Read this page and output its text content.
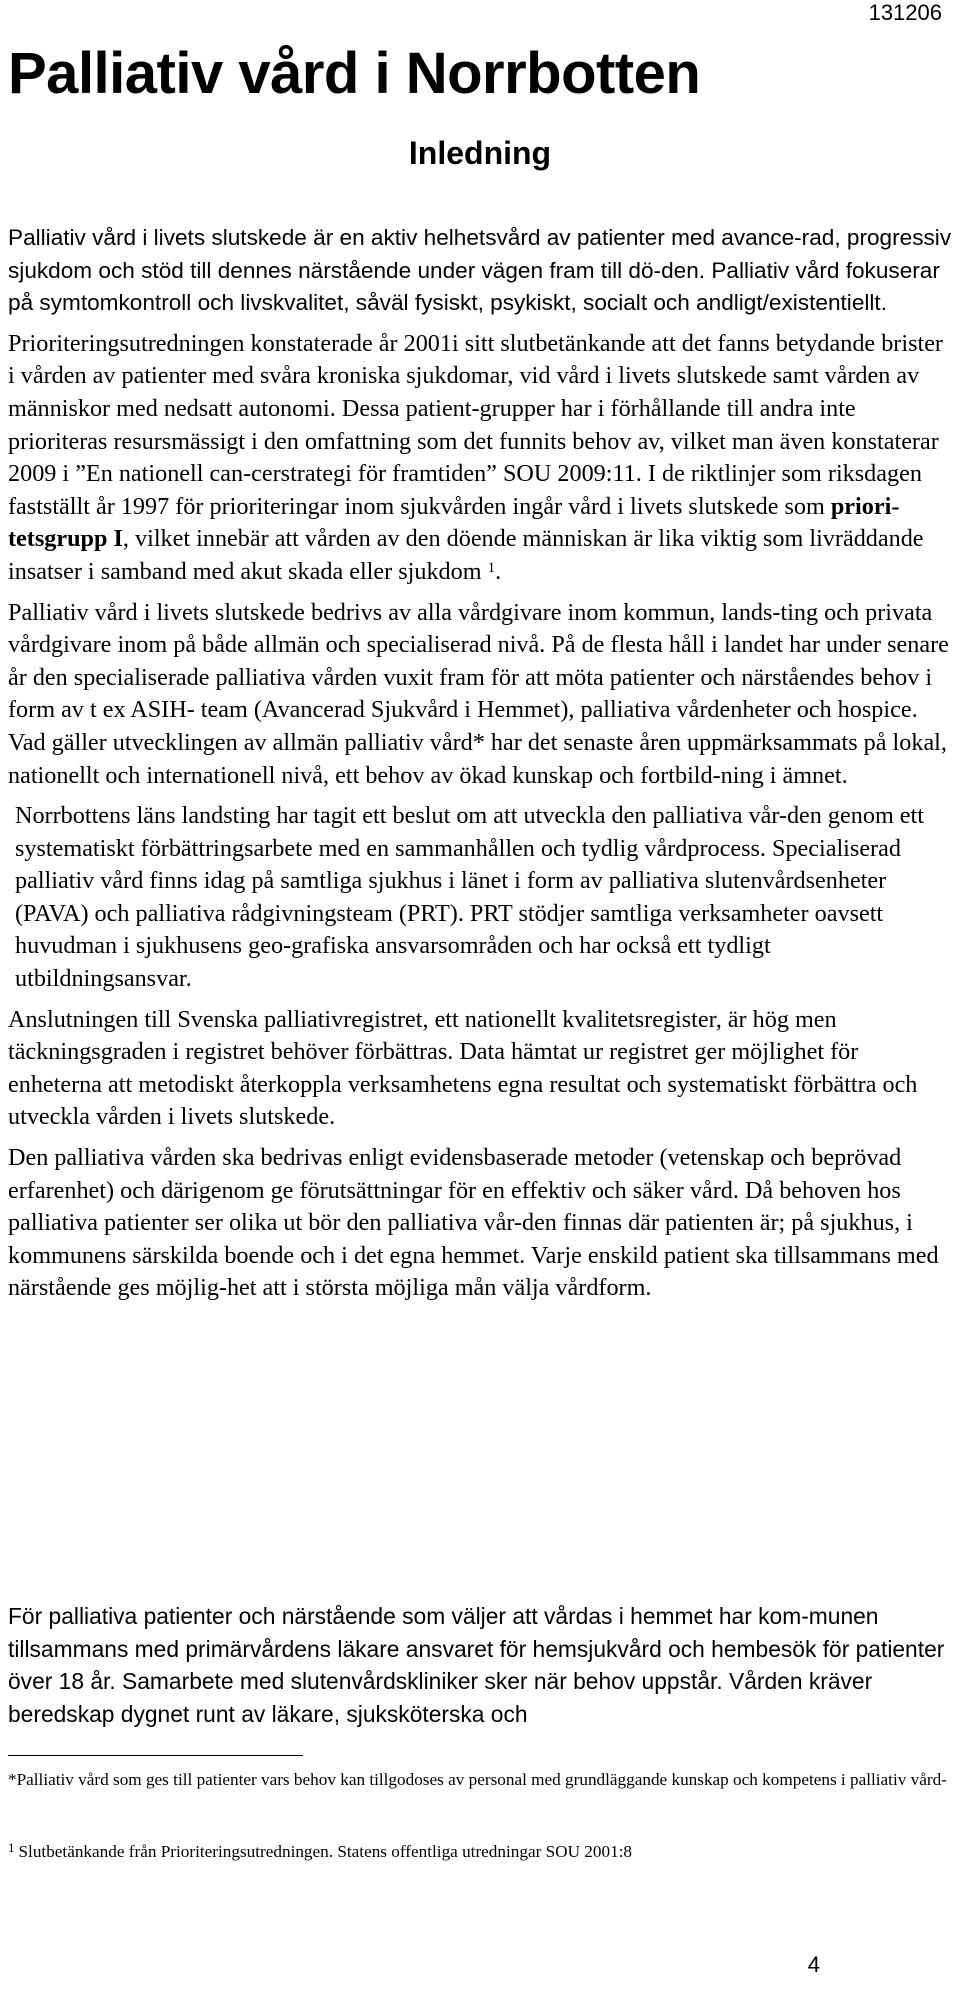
131206
Palliativ vård i Norrbotten
Inledning

Palliativ vård i livets slutskede är en aktiv helhetsvård av patienter med avance-rad, progressiv sjukdom och stöd till dennes närstående under vägen fram till dö-den. Palliativ vård fokuserar på symtomkontroll och livskvalitet, såväl fysiskt, psykiskt, socialt och andligt/existentiellt.

Prioriteringsutredningen konstaterade år 2001i sitt slutbetänkande att det fanns betydande brister i vården av patienter med svåra kroniska sjukdomar, vid vård i livets slutskede samt vården av människor med nedsatt autonomi. Dessa patient-grupper har i förhållande till andra inte prioriteras resursmässigt i den omfattning som det funnits behov av, vilket man även konstaterar 2009 i ”En nationell can-cerstrategi för framtiden” SOU 2009:11. I de riktlinjer som riksdagen fastställt år 1997 för prioriteringar inom sjukvården ingår vård i livets slutskede som priori-tetsgrupp I, vilket innebär att vården av den döende människan är lika viktig som livräddande insatser i samband med akut skada eller sjukdom $^1$.

Palliativ vård i livets slutskede bedrivs av alla vårdgivare inom kommun, lands-ting och privata vårdgivare inom på både allmän och specialiserad nivå. På de flesta håll i landet har under senare år den specialiserade palliativa vården vuxit fram för att möta patienter och närståendes behov i form av t ex ASIH- team (Avancerad Sjukvård i Hemmet), palliativa vårdenheter och hospice. Vad gäller utvecklingen av allmän palliativ vård* har det senaste åren uppmärksammats på lokal, nationellt och internationell nivå, ett behov av ökad kunskap och fortbild-ning i ämnet.

Norrbottens läns landsting har tagit ett beslut om att utveckla den palliativa vår-den genom ett systematiskt förbättringsarbete med en sammanhållen och tydlig vårdprocess. Specialiserad palliativ vård finns idag på samtliga sjukhus i länet i form av palliativa slutenvårdsenheter (PAVA) och palliativa rådgivningsteam (PRT). PRT stödjer samtliga verksamheter oavsett huvudman i sjukhusens geo-grafiska ansvarsområden och har också ett tydligt utbildningsansvar.

Anslutningen till Svenska palliativregistret, ett nationellt kvalitetsregister, är hög men täckningsgraden i registret behöver förbättras. Data hämtat ur registret ger möjlighet för enheterna att metodiskt återkoppla verksamhetens egna resultat och systematiskt förbättra och utveckla vården i livets slutskede.

Den palliativa vården ska bedrivas enligt evidensbaserade metoder (vetenskap och beprövad erfarenhet) och därigenom ge förutsättningar för en effektiv och säker vård. Då behoven hos palliativa patienter ser olika ut bör den palliativa vår-den finnas där patienten är; på sjukhus, i kommunens särskilda boende och i det egna hemmet. Varje enskild patient ska tillsammans med närstående ges möjlig-het att i största möjliga mån välja vårdform.

För palliativa patienter och närstående som väljer att vårdas i hemmet har kom-munen tillsammans med primärvårdens läkare ansvaret för hemsjukvård och hembesök för patienter över 18 år. Samarbete med slutenvårdskliniker sker när behov uppstår. Vården kräver beredskap dygnet runt av läkare, sjuksköterska och

*Palliativ vård som ges till patienter vars behov kan tillgodoses av personal med grundläggande kunskap och kompetens i palliativ vård-

$^1$ Slutbetänkande från Prioriteringsutredningen. Statens offentliga utredningar SOU 2001:8

4
